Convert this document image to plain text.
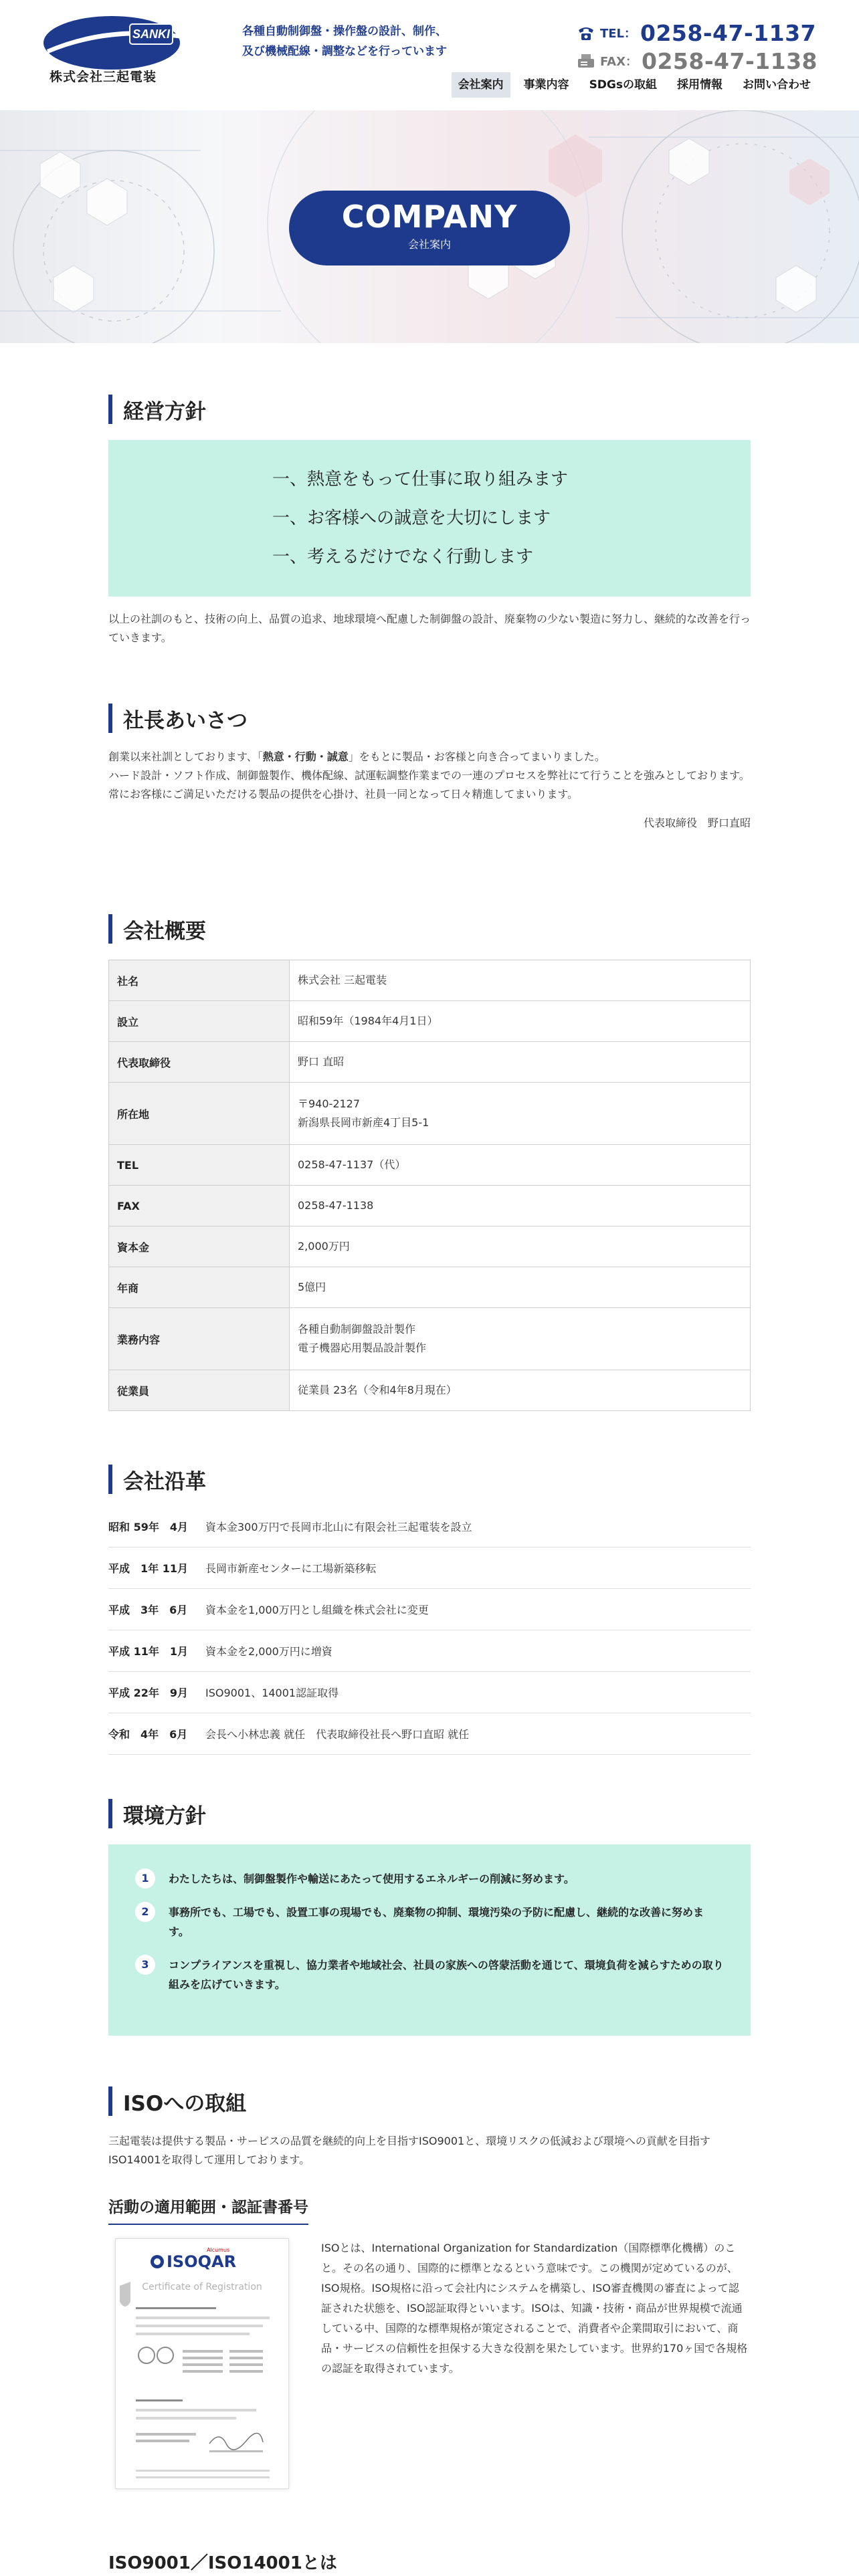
SANKI
株式会社三起電装
各種自動制御盤・操作盤の設計、制作、
及び機械配線・調整などを行っています
TEL： 0258-47-1137
FAX： 0258-47-1138
会社案内	事業内容	SDGsの取組	採用情報	お問い合わせ
COMPANY
会社案内
経営方針
一、熱意をもって仕事に取り組みます
一、お客様への誠意を大切にします
一、考えるだけでなく行動します

以上の社訓のもと、技術の向上、品質の追求、地球環境へ配慮した制御盤の設計、廃棄物の少ない製造に努力し、継続的な改善を行っていきます。

社長あいさつ

創業以来社訓としております、「熱意・行動・誠意」をもとに製品・お客様と向き合ってまいりました。

ハード設計・ソフト作成、制御盤製作、機体配線、試運転調整作業までの一連のプロセスを弊社にて行うことを強みとしております。

常にお客様にご満足いただける製品の提供を心掛け、社員一同となって日々精進してまいります。

代表取締役　野口直昭
会社概要
社名	株式会社 三起電装
設立	昭和59年（1984年4月1日）
代表取締役	野口 直昭
所在地	〒940-2127
新潟県長岡市新産4丁目5-1

TEL	0258-47-1137（代）
FAX	0258-47-1138
資本金	2,000万円
年商	5億円
業務内容	各種自動制御盤設計製作
電子機器応用製品設計製作

従業員	従業員 23名（令和4年8月現在）
会社沿革
昭和 59年　4月	資本金300万円で長岡市北山に有限会社三起電装を設立
平成　1年 11月	長岡市新産センターに工場新築移転
平成　3年　6月	資本金を1,000万円とし組織を株式会社に変更
平成 11年　1月	資本金を2,000万円に増資
平成 22年　9月	ISO9001、14001認証取得
令和　4年　6月	会長へ小林忠義 就任　代表取締役社長へ野口直昭 就任
環境方針
1	わたしたちは、制御盤製作や輸送にあたって使用するエネルギーの削減に努めます。
2	事務所でも、工場でも、設置工事の現場でも、廃棄物の抑制、環境汚染の予防に配慮し、継続的な改善に努めます。
3	コンプライアンスを重視し、協力業者や地域社会、社員の家族への啓蒙活動を通じて、環境負荷を減らすための取り組みを広げていきます。
ISOへの取組

三起電装は提供する製品・サービスの品質を継続的向上を目指すISO9001と、環境リスクの低減および環境への貢献を目指すISO14001を取得して運用しております。

活動の適用範囲・認証書番号
Alcumus
ISOQAR
Certificate of Registration

ISOとは、International Organization for Standardization（国際標準化機構）のこと。その名の通り、国際的に標準となるという意味です。この機関が定めているのが、ISO規格。ISO規格に沿って会社内にシステムを構築し、ISO審査機関の審査によって認証された状態を、ISO認証取得といいます。ISOは、知識・技術・商品が世界規模で流通している中、国際的な標準規格が策定されることで、消費者や企業間取引において、商品・サービスの信頼性を担保する大きな役割を果たしています。世界約170ヶ国で各規格の認証を取得されています。

ISO9001／ISO14001とは
